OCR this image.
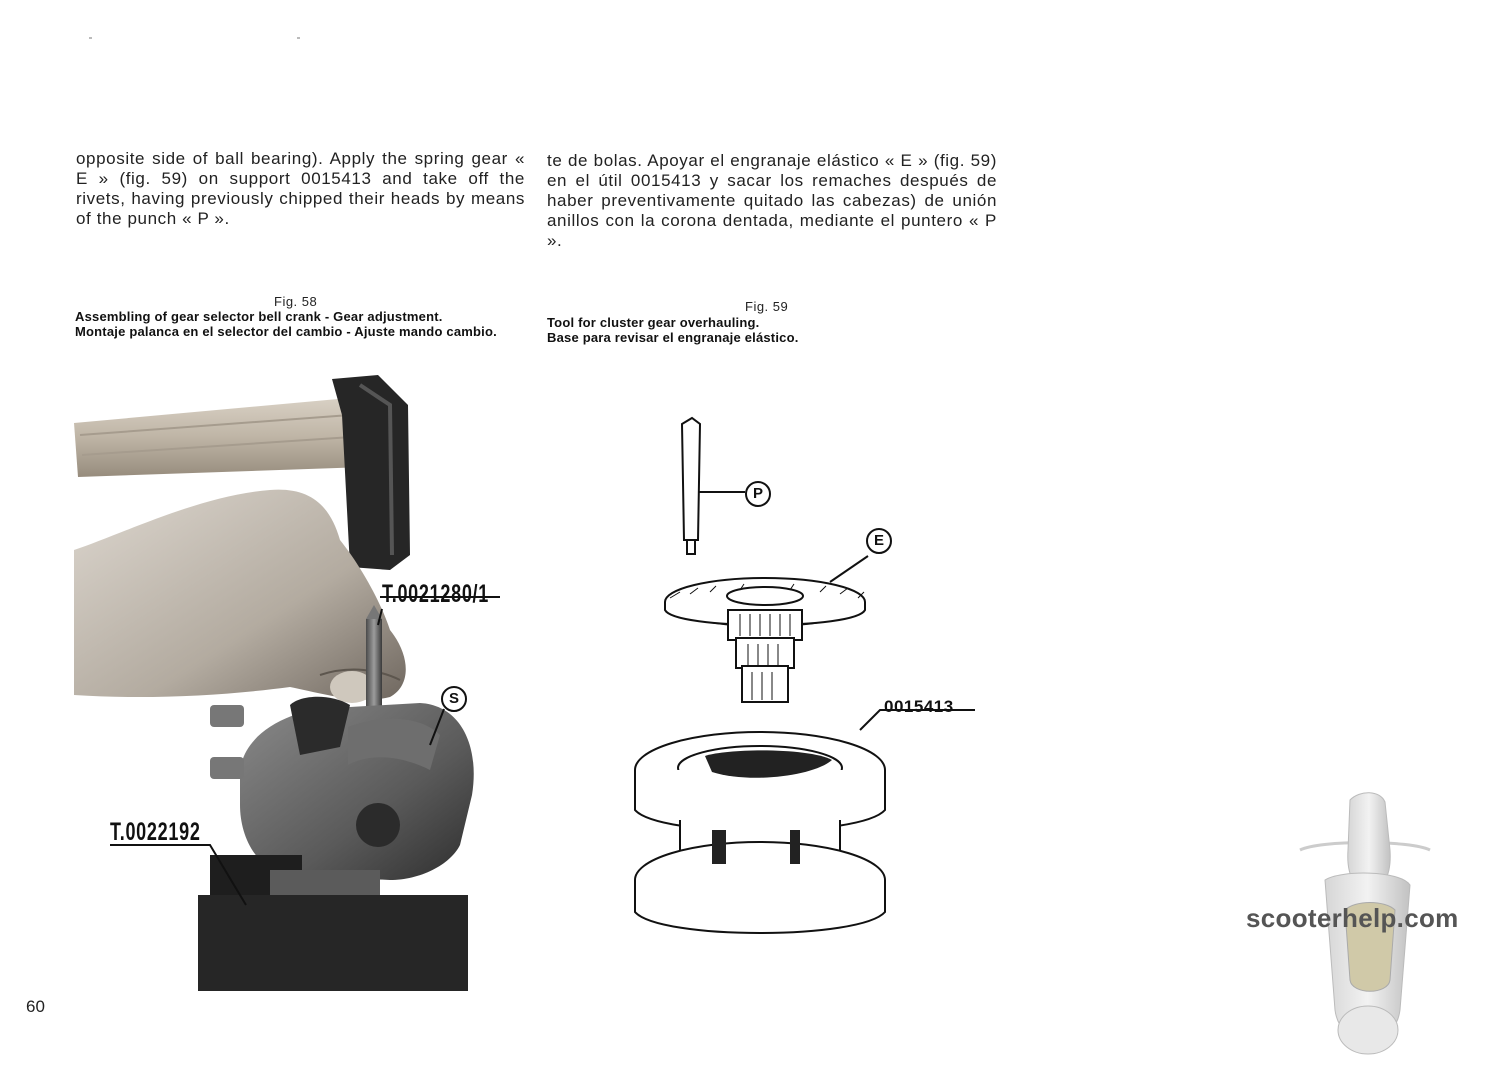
opposite side of ball bearing). Apply the spring gear « E » (fig. 59) on support 0015413 and take off the rivets, having previously chipped their heads by means of the punch « P ».
te de bolas. Apoyar el engranaje elástico « E » (fig. 59) en el útil 0015413 y sacar los remaches después de haber preventivamente quitado las cabezas) de unión anillos con la corona dentada, mediante el puntero « P ».
Fig. 58
Assembling of gear selector bell crank - Gear adjustment.
Montaje palanca en el selector del cambio - Ajuste mando cambio.
Fig. 59
Tool for cluster gear overhauling.
Base para revisar el engranaje elástico.
T.0021280/1
T.0022192
S
P
E
0015413
60
scooterhelp.com
